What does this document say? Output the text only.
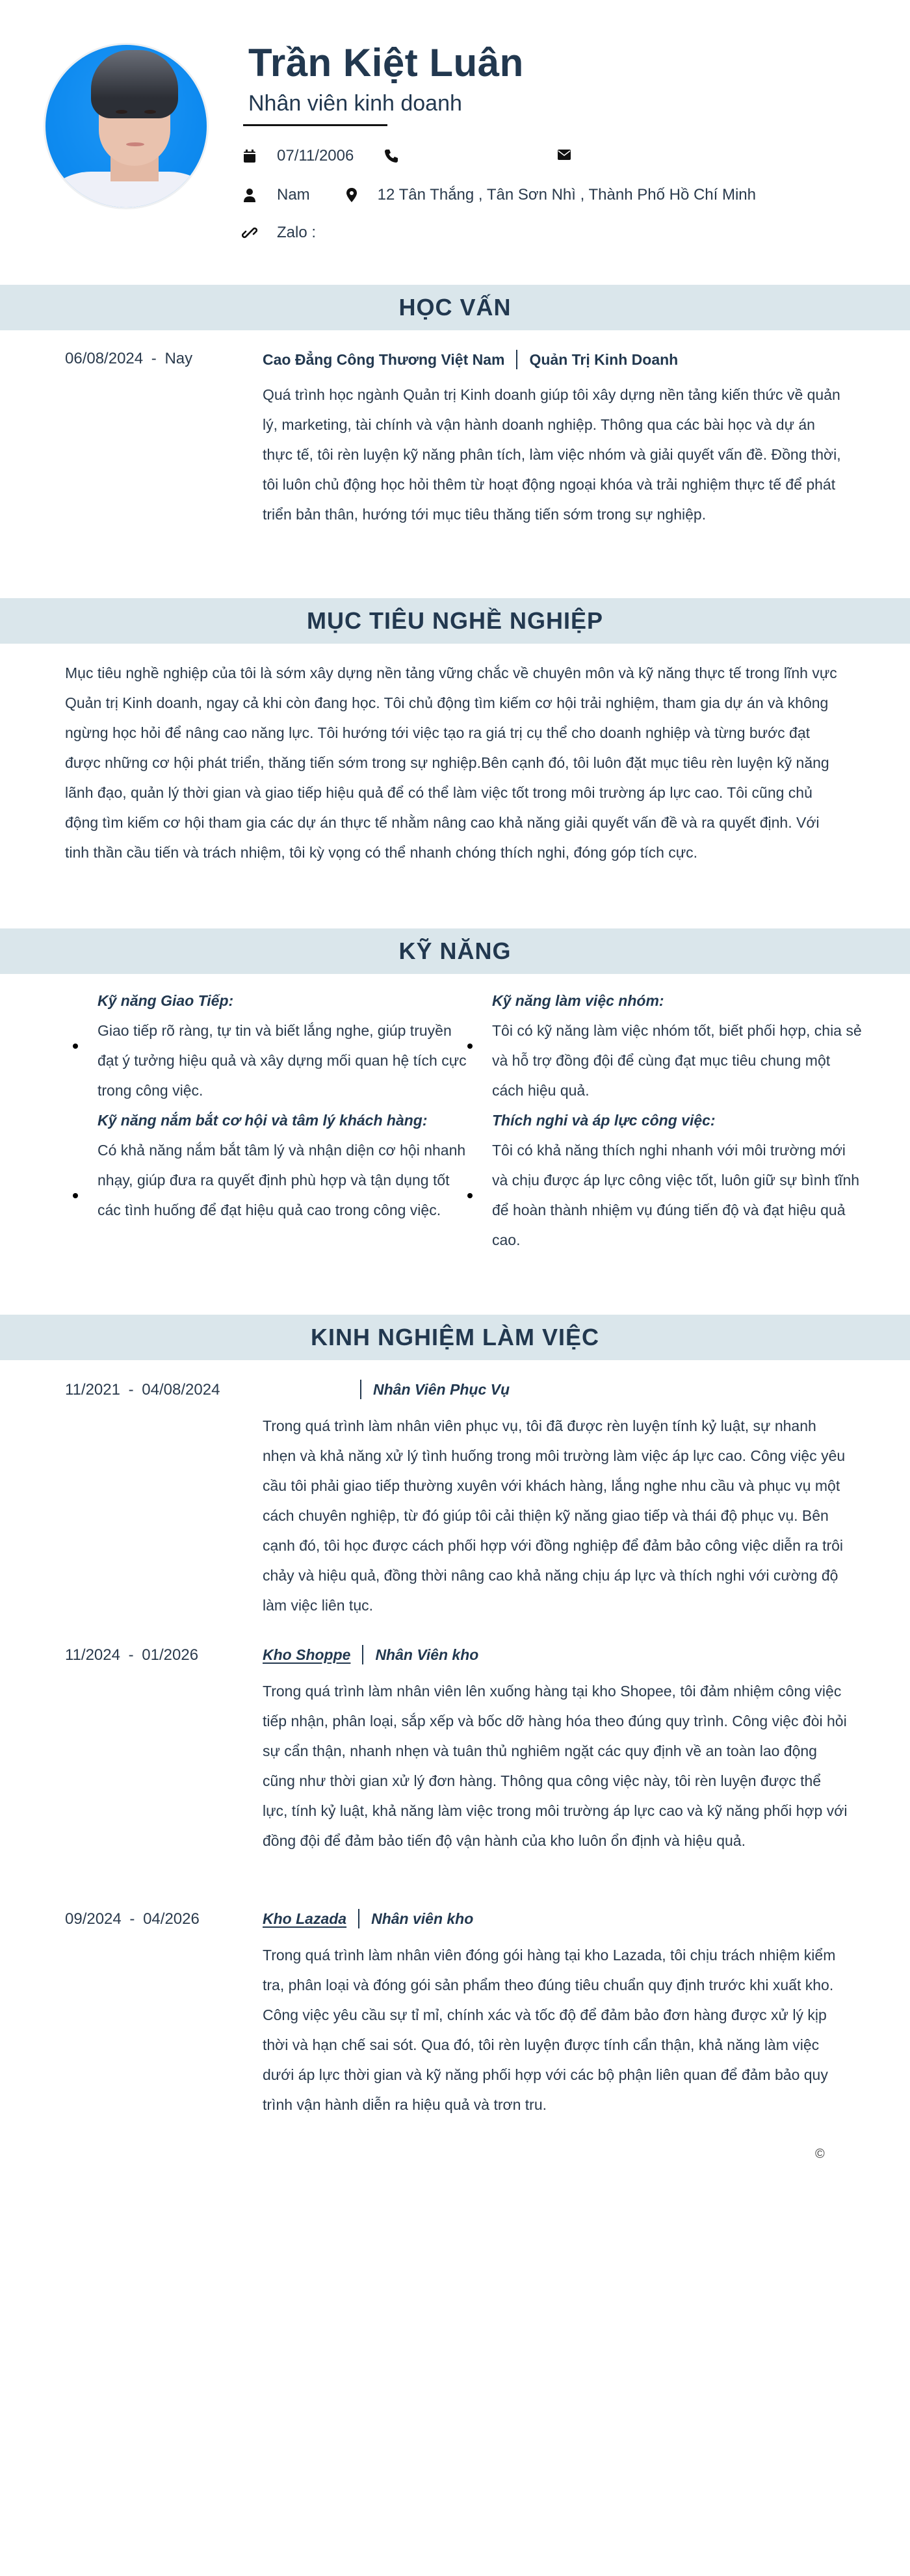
Trần Kiệt Luân
Nhân viên kinh doanh
07/11/2006
Nam	12 Tân Thắng , Tân Sơn Nhì , Thành Phố Hồ Chí Minh
Zalo :
HỌC VẤN
06/08/2024 - Nay	Cao Đẳng Công Thương Việt Nam Quản Trị Kinh Doanh
Quá trình học ngành Quản trị Kinh doanh giúp tôi xây dựng nền tảng kiến thức về quản lý, marketing, tài chính và vận hành doanh nghiệp. Thông qua các bài học và dự án thực tế, tôi rèn luyện kỹ năng phân tích, làm việc nhóm và giải quyết vấn đề. Đồng thời, tôi luôn chủ động học hỏi thêm từ hoạt động ngoại khóa và trải nghiệm thực tế để phát triển bản thân, hướng tới mục tiêu thăng tiến sớm trong sự nghiệp.
MỤC TIÊU NGHỀ NGHIỆP
Mục tiêu nghề nghiệp của tôi là sớm xây dựng nền tảng vững chắc về chuyên môn và kỹ năng thực tế trong lĩnh vực Quản trị Kinh doanh, ngay cả khi còn đang học. Tôi chủ động tìm kiếm cơ hội trải nghiệm, tham gia dự án và không ngừng học hỏi để nâng cao năng lực. Tôi hướng tới việc tạo ra giá trị cụ thể cho doanh nghiệp và từng bước đạt được những cơ hội phát triển, thăng tiến sớm trong sự nghiệp.Bên cạnh đó, tôi luôn đặt mục tiêu rèn luyện kỹ năng lãnh đạo, quản lý thời gian và giao tiếp hiệu quả để có thể làm việc tốt trong môi trường áp lực cao. Tôi cũng chủ động tìm kiếm cơ hội tham gia các dự án thực tế nhằm nâng cao khả năng giải quyết vấn đề và ra quyết định. Với tinh thần cầu tiến và trách nhiệm, tôi kỳ vọng có thể nhanh chóng thích nghi, đóng góp tích cực.
KỸ NĂNG
Kỹ năng Giao Tiếp:
Giao tiếp rõ ràng, tự tin và biết lắng nghe, giúp truyền đạt ý tưởng hiệu quả và xây dựng mối quan hệ tích cực trong công việc.
Kỹ năng nắm bắt cơ hội và tâm lý khách hàng:
Có khả năng nắm bắt tâm lý và nhận diện cơ hội nhanh nhạy, giúp đưa ra quyết định phù hợp và tận dụng tốt các tình huống để đạt hiệu quả cao trong công việc.
Kỹ năng làm việc nhóm:
Tôi có kỹ năng làm việc nhóm tốt, biết phối hợp, chia sẻ và hỗ trợ đồng đội để cùng đạt mục tiêu chung một cách hiệu quả.
Thích nghi và áp lực công việc:
Tôi có khả năng thích nghi nhanh với môi trường mới và chịu được áp lực công việc tốt, luôn giữ sự bình tĩnh để hoàn thành nhiệm vụ đúng tiến độ và đạt hiệu quả cao.
KINH NGHIỆM LÀM VIỆC
11/2021 - 04/08/2024	Nhân Viên Phục Vụ
Trong quá trình làm nhân viên phục vụ, tôi đã được rèn luyện tính kỷ luật, sự nhanh nhẹn và khả năng xử lý tình huống trong môi trường làm việc áp lực cao. Công việc yêu cầu tôi phải giao tiếp thường xuyên với khách hàng, lắng nghe nhu cầu và phục vụ một cách chuyên nghiệp, từ đó giúp tôi cải thiện kỹ năng giao tiếp và thái độ phục vụ. Bên cạnh đó, tôi học được cách phối hợp với đồng nghiệp để đảm bảo công việc diễn ra trôi chảy và hiệu quả, đồng thời nâng cao khả năng chịu áp lực và thích nghi với cường độ làm việc liên tục.
11/2024 - 01/2026	Kho Shoppe Nhân Viên kho
Trong quá trình làm nhân viên lên xuống hàng tại kho Shopee, tôi đảm nhiệm công việc tiếp nhận, phân loại, sắp xếp và bốc dỡ hàng hóa theo đúng quy trình. Công việc đòi hỏi sự cẩn thận, nhanh nhẹn và tuân thủ nghiêm ngặt các quy định về an toàn lao động cũng như thời gian xử lý đơn hàng. Thông qua công việc này, tôi rèn luyện được thể lực, tính kỷ luật, khả năng làm việc trong môi trường áp lực cao và kỹ năng phối hợp với đồng đội để đảm bảo tiến độ vận hành của kho luôn ổn định và hiệu quả.
09/2024 - 04/2026	Kho Lazada Nhân viên kho
Trong quá trình làm nhân viên đóng gói hàng tại kho Lazada, tôi chịu trách nhiệm kiểm tra, phân loại và đóng gói sản phẩm theo đúng tiêu chuẩn quy định trước khi xuất kho. Công việc yêu cầu sự tỉ mỉ, chính xác và tốc độ để đảm bảo đơn hàng được xử lý kịp thời và hạn chế sai sót. Qua đó, tôi rèn luyện được tính cẩn thận, khả năng làm việc dưới áp lực thời gian và kỹ năng phối hợp với các bộ phận liên quan để đảm bảo quy trình vận hành diễn ra hiệu quả và trơn tru.
©
